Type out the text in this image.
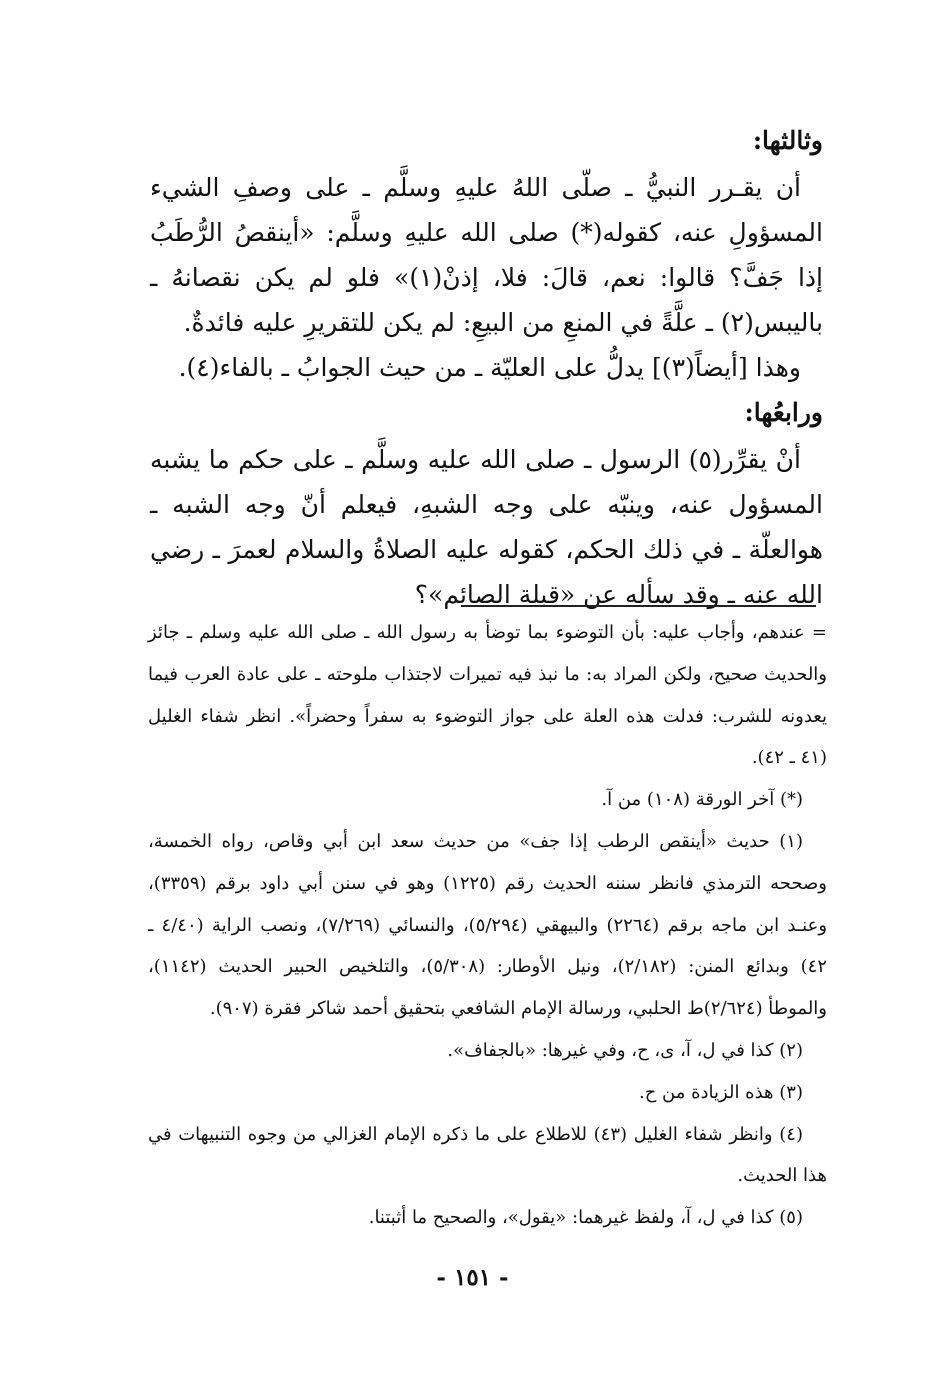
وثالثها:

أن يقـرر النبيُّ ـ صلّى اللهُ عليهِ وسلَّم ـ على وصفِ الشيء المسؤولِ عنه، كقوله(*) صلى الله عليهِ وسلَّم: «أينقصُ الرُّطَبُ إذا جَفَّ؟ قالوا: نعم، قالَ: فلا، إذنْ(١)» فلو لم يكن نقصانهُ ـ باليبس(٢) ـ علَّةً في المنعِ من البيعِ: لم يكن للتقريرِ عليه فائدةٌ.

وهذا [أيضاً(٣)] يدلُّ على العليّة ـ من حيث الجوابُ ـ بالفاء(٤).

ورابعُها:

أنْ يقرِّر(٥) الرسول ـ صلى الله عليه وسلَّم ـ على حكم ما يشبه المسؤول عنه، وينبّه على وجه الشبهِ، فيعلم أنّ وجه الشبه ـ هوالعلّة ـ في ذلك الحكم، كقوله عليه الصلاةُ والسلام لعمرَ ـ رضي الله عنه ـ وقد سأله عن «قبلة الصائم»؟

= عندهم، وأجاب عليه: بأن التوضوء بما توضأ به رسول الله ـ صلى الله عليه وسلم ـ جائز والحديث صحيح، ولكن المراد به: ما نبذ فيه تميرات لاجتذاب ملوحته ـ على عادة العرب فيما يعدونه للشرب: فدلت هذه العلة على جواز التوضوء به سفراً وحضراً». انظر شفاء الغليل (٤١ ـ ٤٢).

(*) آخر الورقة (١٠٨) من آ.

(١) حديث «أينقص الرطب إذا جف» من حديث سعد ابن أبي وقاص، رواه الخمسة، وصححه الترمذي فانظر سننه الحديث رقم (١٢٢٥) وهو في سنن أبي داود برقم (٣٣٥٩)، وعنـد ابن ماجه برقم (٢٢٦٤) والبيهقي (٥/٢٩٤)، والنسائي (٧/٢٦٩)، ونصب الراية (٤/٤٠ ـ ٤٢) وبدائع المنن: (٢/١٨٢)، ونيل الأوطار: (٥/٣٠٨)، والتلخيص الحبير الحديث (١١٤٢)، والموطأ (٢/٦٢٤)ط الحلبي، ورسالة الإمام الشافعي بتحقيق أحمد شاكر فقرة (٩٠٧).

(٢) كذا في ل، آ، ى، ح، وفي غيرها: «بالجفاف».

(٣) هذه الزيادة من ح.

(٤) وانظر شفاء الغليل (٤٣) للاطلاع على ما ذكره الإمام الغزالي من وجوه التنبيهات في هذا الحديث.

(٥) كذا في ل، آ، ولفظ غيرهما: «يقول»، والصحيح ما أثبتنا.

- ١٥١ -
